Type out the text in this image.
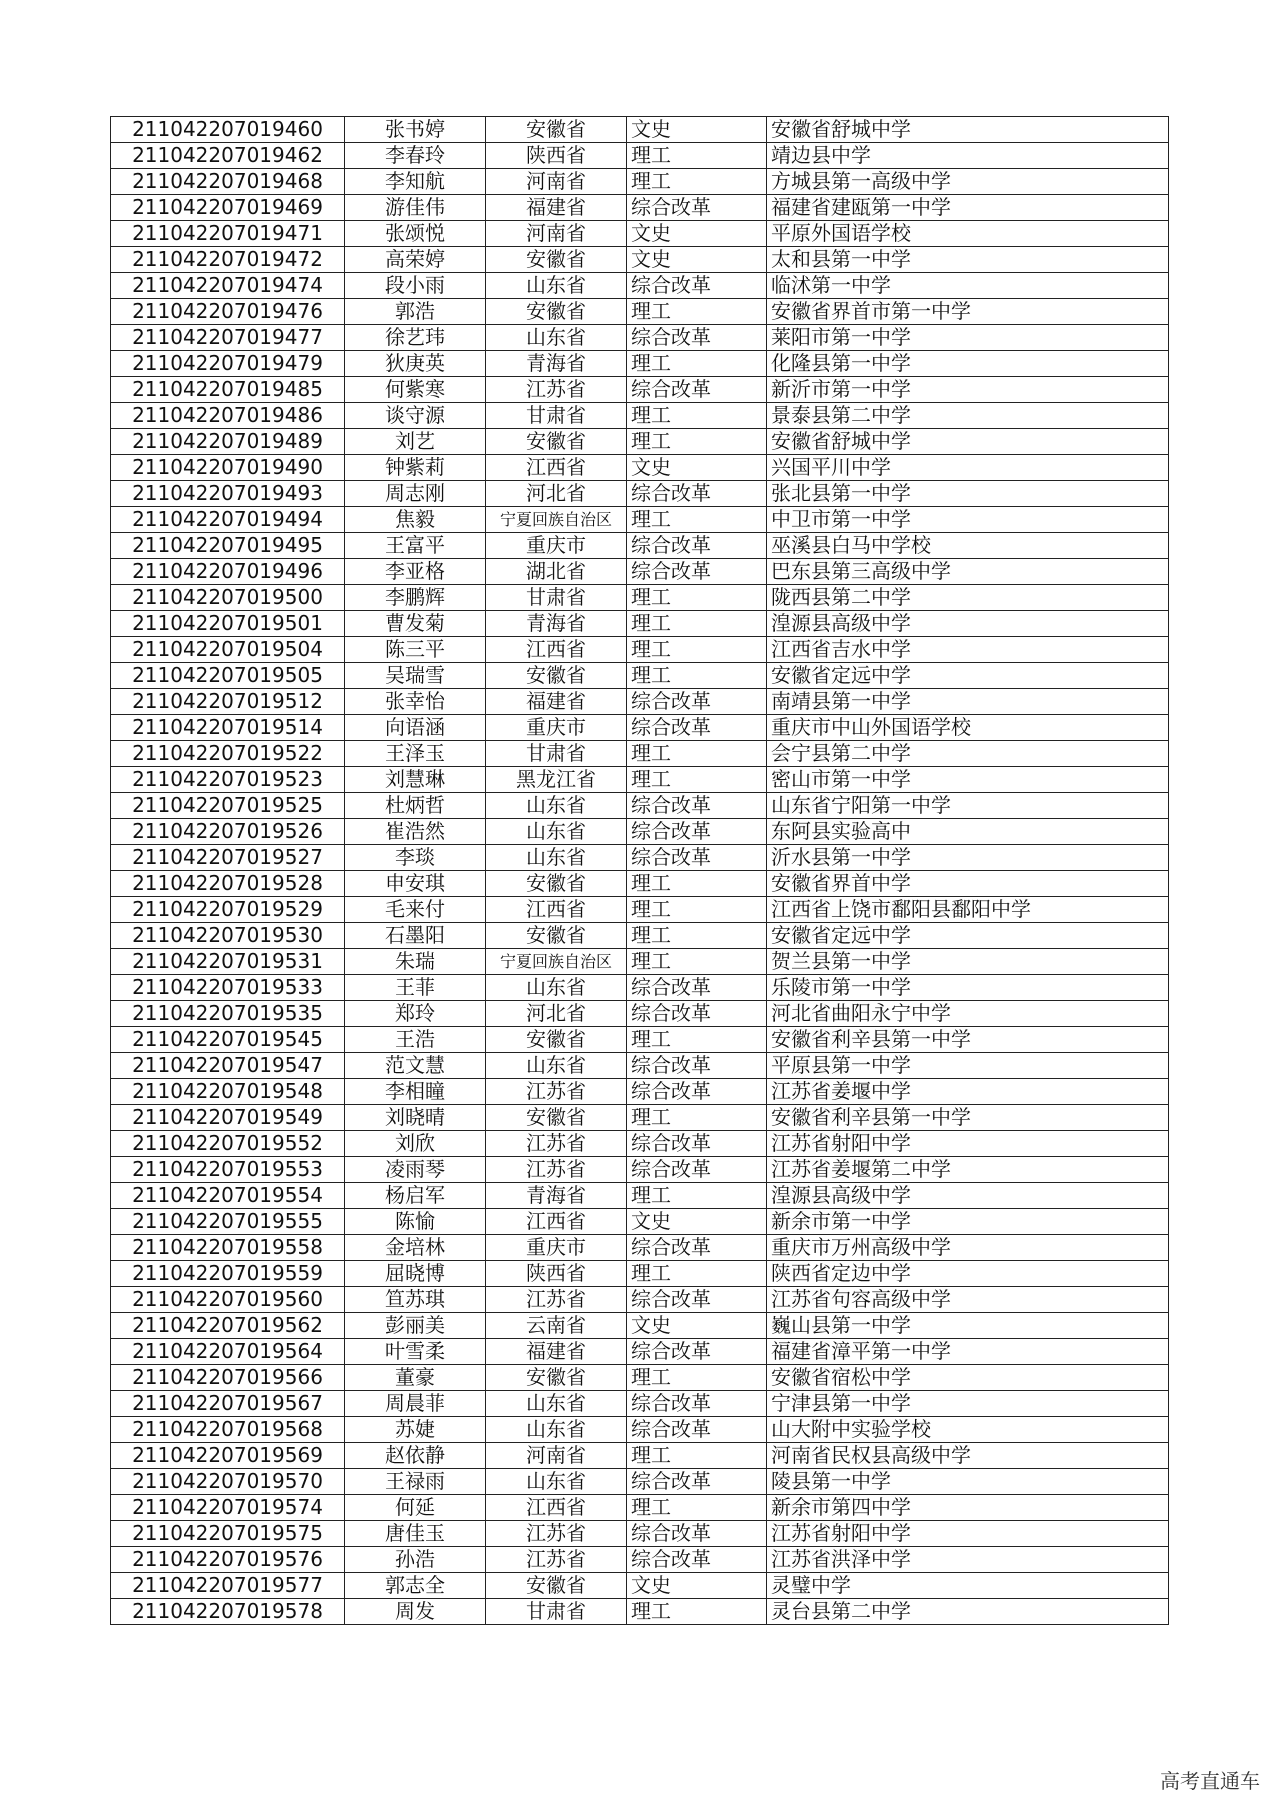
211042207019460	张书婷	安徽省	文史	安徽省舒城中学
211042207019462	李春玲	陕西省	理工	靖边县中学
211042207019468	李知航	河南省	理工	方城县第一高级中学
211042207019469	游佳伟	福建省	综合改革	福建省建瓯第一中学
211042207019471	张颂悦	河南省	文史	平原外国语学校
211042207019472	高荣婷	安徽省	文史	太和县第一中学
211042207019474	段小雨	山东省	综合改革	临沭第一中学
211042207019476	郭浩	安徽省	理工	安徽省界首市第一中学
211042207019477	徐艺玮	山东省	综合改革	莱阳市第一中学
211042207019479	狄庚英	青海省	理工	化隆县第一中学
211042207019485	何紫寒	江苏省	综合改革	新沂市第一中学
211042207019486	谈守源	甘肃省	理工	景泰县第二中学
211042207019489	刘艺	安徽省	理工	安徽省舒城中学
211042207019490	钟紫莉	江西省	文史	兴国平川中学
211042207019493	周志刚	河北省	综合改革	张北县第一中学
211042207019494	焦毅	宁夏回族自治区	理工	中卫市第一中学
211042207019495	王富平	重庆市	综合改革	巫溪县白马中学校
211042207019496	李亚格	湖北省	综合改革	巴东县第三高级中学
211042207019500	李鹏辉	甘肃省	理工	陇西县第二中学
211042207019501	曹发菊	青海省	理工	湟源县高级中学
211042207019504	陈三平	江西省	理工	江西省吉水中学
211042207019505	吴瑞雪	安徽省	理工	安徽省定远中学
211042207019512	张幸怡	福建省	综合改革	南靖县第一中学
211042207019514	向语涵	重庆市	综合改革	重庆市中山外国语学校
211042207019522	王泽玉	甘肃省	理工	会宁县第二中学
211042207019523	刘慧琳	黑龙江省	理工	密山市第一中学
211042207019525	杜炳哲	山东省	综合改革	山东省宁阳第一中学
211042207019526	崔浩然	山东省	综合改革	东阿县实验高中
211042207019527	李琰	山东省	综合改革	沂水县第一中学
211042207019528	申安琪	安徽省	理工	安徽省界首中学
211042207019529	毛来付	江西省	理工	江西省上饶市鄱阳县鄱阳中学
211042207019530	石墨阳	安徽省	理工	安徽省定远中学
211042207019531	朱瑞	宁夏回族自治区	理工	贺兰县第一中学
211042207019533	王菲	山东省	综合改革	乐陵市第一中学
211042207019535	郑玲	河北省	综合改革	河北省曲阳永宁中学
211042207019545	王浩	安徽省	理工	安徽省利辛县第一中学
211042207019547	范文慧	山东省	综合改革	平原县第一中学
211042207019548	李相瞳	江苏省	综合改革	江苏省姜堰中学
211042207019549	刘晓晴	安徽省	理工	安徽省利辛县第一中学
211042207019552	刘欣	江苏省	综合改革	江苏省射阳中学
211042207019553	凌雨琴	江苏省	综合改革	江苏省姜堰第二中学
211042207019554	杨启军	青海省	理工	湟源县高级中学
211042207019555	陈愉	江西省	文史	新余市第一中学
211042207019558	金培林	重庆市	综合改革	重庆市万州高级中学
211042207019559	屈晓博	陕西省	理工	陕西省定边中学
211042207019560	笪苏琪	江苏省	综合改革	江苏省句容高级中学
211042207019562	彭丽美	云南省	文史	巍山县第一中学
211042207019564	叶雪柔	福建省	综合改革	福建省漳平第一中学
211042207019566	董豪	安徽省	理工	安徽省宿松中学
211042207019567	周晨菲	山东省	综合改革	宁津县第一中学
211042207019568	苏婕	山东省	综合改革	山大附中实验学校
211042207019569	赵依静	河南省	理工	河南省民权县高级中学
211042207019570	王禄雨	山东省	综合改革	陵县第一中学
211042207019574	何延	江西省	理工	新余市第四中学
211042207019575	唐佳玉	江苏省	综合改革	江苏省射阳中学
211042207019576	孙浩	江苏省	综合改革	江苏省洪泽中学
211042207019577	郭志全	安徽省	文史	灵璧中学
211042207019578	周发	甘肃省	理工	灵台县第二中学
高考直通车
